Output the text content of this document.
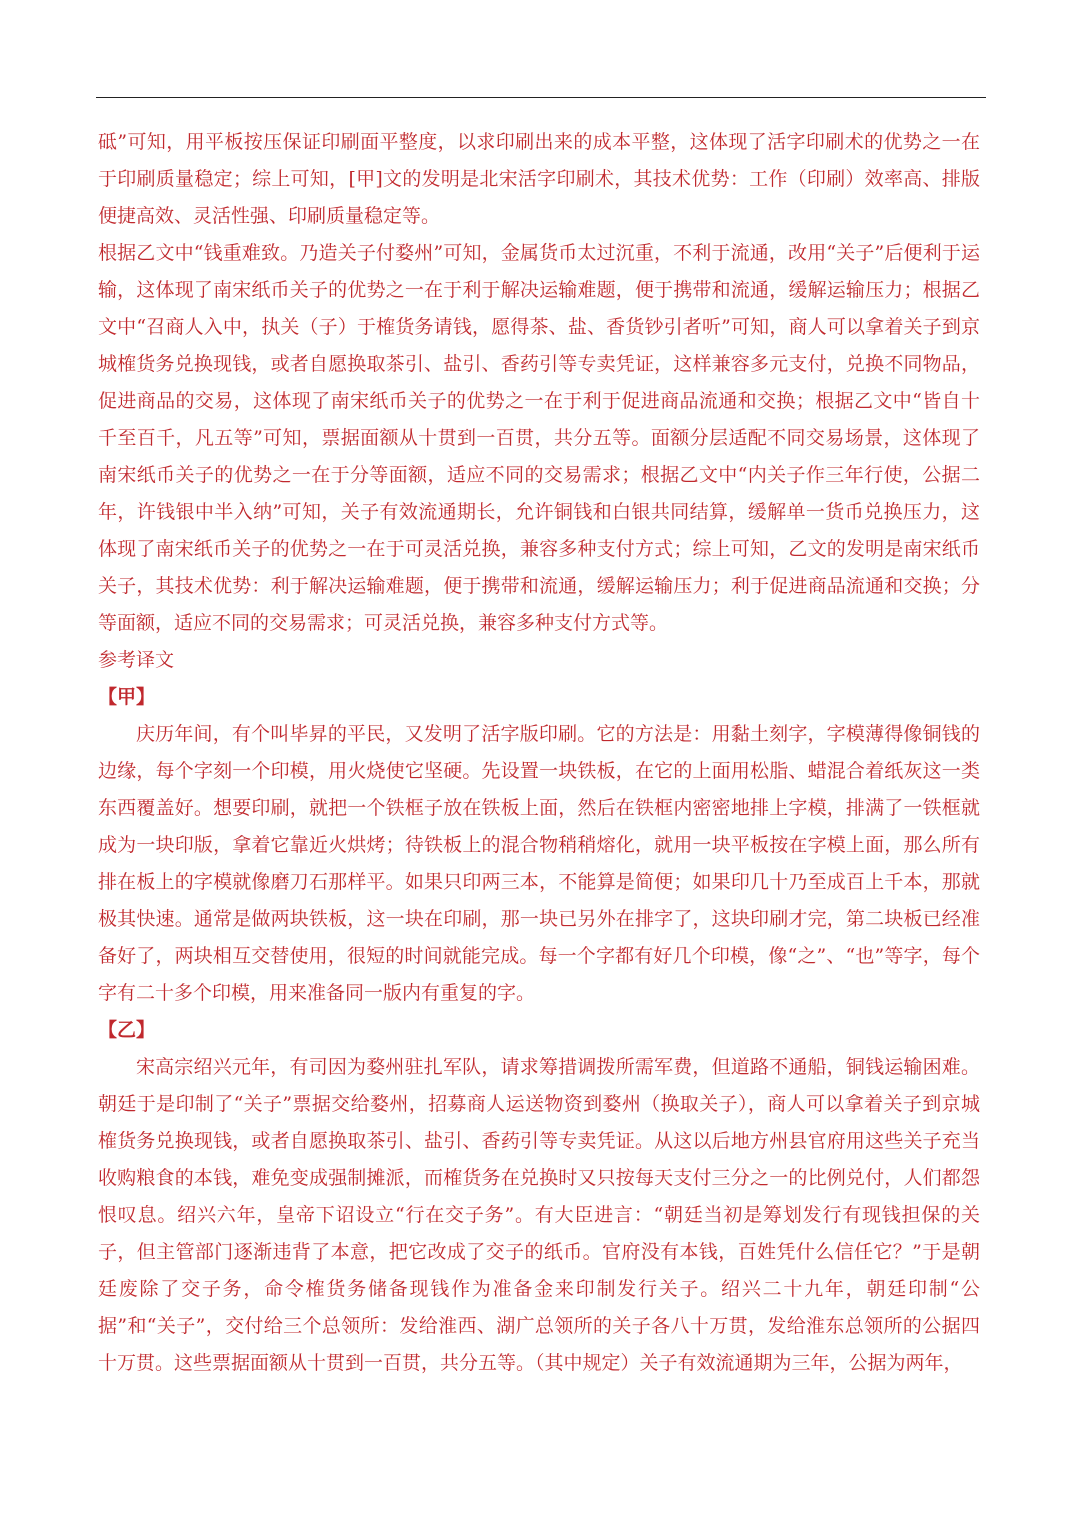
砥”可知，用平板按压保证印刷面平整度，以求印刷出来的成本平整，这体现了活字印刷术的优势之一在于印刷质量稳定；综上可知，[甲]文的发明是北宋活字印刷术，其技术优势：工作（印刷）效率高、排版便捷高效、灵活性强、印刷质量稳定等。

根据乙文中“钱重难致。乃造关子付婺州”可知，金属货币太过沉重，不利于流通，改用“关子”后便利于运输，这体现了南宋纸币关子的优势之一在于利于解决运输难题，便于携带和流通，缓解运输压力；根据乙文中“召商人入中，执关（子）于榷货务请钱，愿得茶、盐、香货钞引者听”可知，商人可以拿着关子到京城榷货务兑换现钱，或者自愿换取茶引、盐引、香药引等专卖凭证，这样兼容多元支付，兑换不同物品，促进商品的交易，这体现了南宋纸币关子的优势之一在于利于促进商品流通和交换；根据乙文中“皆自十千至百千，凡五等”可知，票据面额从十贯到一百贯，共分五等。面额分层适配不同交易场景，这体现了南宋纸币关子的优势之一在于分等面额，适应不同的交易需求；根据乙文中“内关子作三年行使，公据二年，许钱银中半入纳”可知，关子有效流通期长，允许铜钱和白银共同结算，缓解单一货币兑换压力，这体现了南宋纸币关子的优势之一在于可灵活兑换，兼容多种支付方式；综上可知，乙文的发明是南宋纸币关子，其技术优势：利于解决运输难题，便于携带和流通，缓解运输压力；利于促进商品流通和交换；分等面额，适应不同的交易需求；可灵活兑换，兼容多种支付方式等。

参考译文

【甲】

庆历年间，有个叫毕昇的平民，又发明了活字版印刷。它的方法是：用黏土刻字，字模薄得像铜钱的边缘，每个字刻一个印模，用火烧使它坚硬。先设置一块铁板，在它的上面用松脂、蜡混合着纸灰这一类东西覆盖好。想要印刷，就把一个铁框子放在铁板上面，然后在铁框内密密地排上字模，排满了一铁框就成为一块印版，拿着它靠近火烘烤；待铁板上的混合物稍稍熔化，就用一块平板按在字模上面，那么所有排在板上的字模就像磨刀石那样平。如果只印两三本，不能算是简便；如果印几十乃至成百上千本，那就极其快速。通常是做两块铁板，这一块在印刷，那一块已另外在排字了，这块印刷才完，第二块板已经准备好了，两块相互交替使用，很短的时间就能完成。每一个字都有好几个印模，像“之”、“也”等字，每个字有二十多个印模，用来准备同一版内有重复的字。

【乙】

宋高宗绍兴元年，有司因为婺州驻扎军队，请求筹措调拨所需军费，但道路不通船，铜钱运输困难。朝廷于是印制了“关子”票据交给婺州，招募商人运送物资到婺州（换取关子），商人可以拿着关子到京城榷货务兑换现钱，或者自愿换取茶引、盐引、香药引等专卖凭证。从这以后地方州县官府用这些关子充当收购粮食的本钱，难免变成强制摊派，而榷货务在兑换时又只按每天支付三分之一的比例兑付，人们都怨恨叹息。绍兴六年，皇帝下诏设立“行在交子务”。有大臣进言：“朝廷当初是筹划发行有现钱担保的关子，但主管部门逐渐违背了本意，把它改成了交子的纸币。官府没有本钱，百姓凭什么信任它？”于是朝廷废除了交子务，命令榷货务储备现钱作为准备金来印制发行关子。绍兴二十九年，朝廷印制“公据”和“关子”，交付给三个总领所：发给淮西、湖广总领所的关子各八十万贯，发给淮东总领所的公据四十万贯。这些票据面额从十贯到一百贯，共分五等。（其中规定）关子有效流通期为三年，公据为两年，
